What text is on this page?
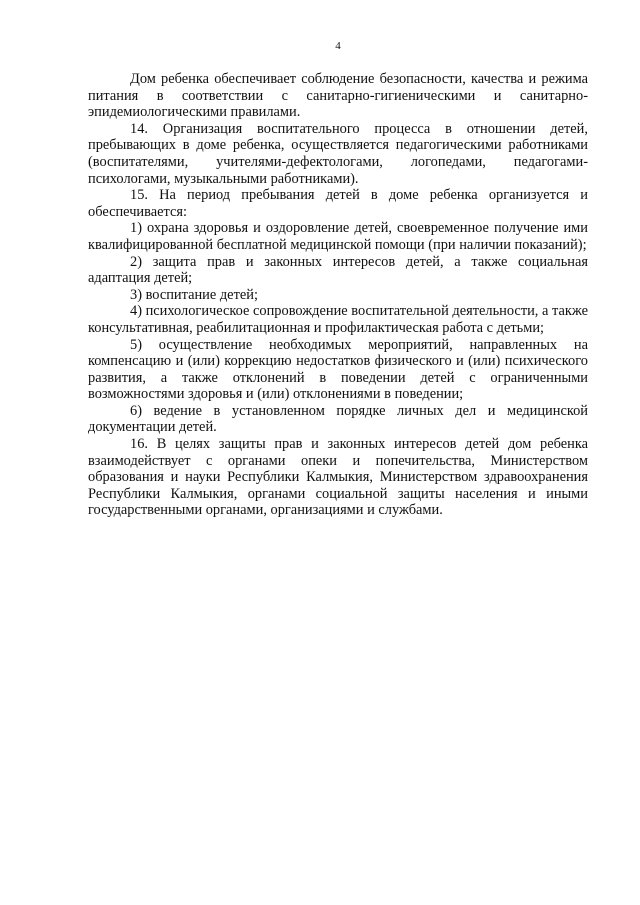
4

Дом ребенка обеспечивает соблюдение безопасности, качества и режима питания в соответствии с санитарно-гигиеническими и санитарно-эпидемиологическими правилами.

14. Организация воспитательного процесса в отношении детей, пребывающих в доме ребенка, осуществляется педагогическими работниками (воспитателями, учителями-дефектологами, логопедами, педагогами-психологами, музыкальными работниками).

15. На период пребывания детей в доме ребенка организуется и обеспечивается:

1) охрана здоровья и оздоровление детей, своевременное получение ими квалифицированной бесплатной медицинской помощи (при наличии показаний);

2) защита прав и законных интересов детей, а также социальная адаптация детей;

3) воспитание детей;

4) психологическое сопровождение воспитательной деятельности, а также консультативная, реабилитационная и профилактическая работа с детьми;

5) осуществление необходимых мероприятий, направленных на компенсацию и (или) коррекцию недостатков физического и (или) психического развития, а также отклонений в поведении детей с ограниченными возможностями здоровья и (или) отклонениями в поведении;

6) ведение в установленном порядке личных дел и медицинской документации детей.

16. В целях защиты прав и законных интересов детей дом ребенка взаимодействует с органами опеки и попечительства, Министерством образования и науки Республики Калмыкия, Министерством здравоохранения Республики Калмыкия, органами социальной защиты населения и иными государственными органами, организациями и службами.
